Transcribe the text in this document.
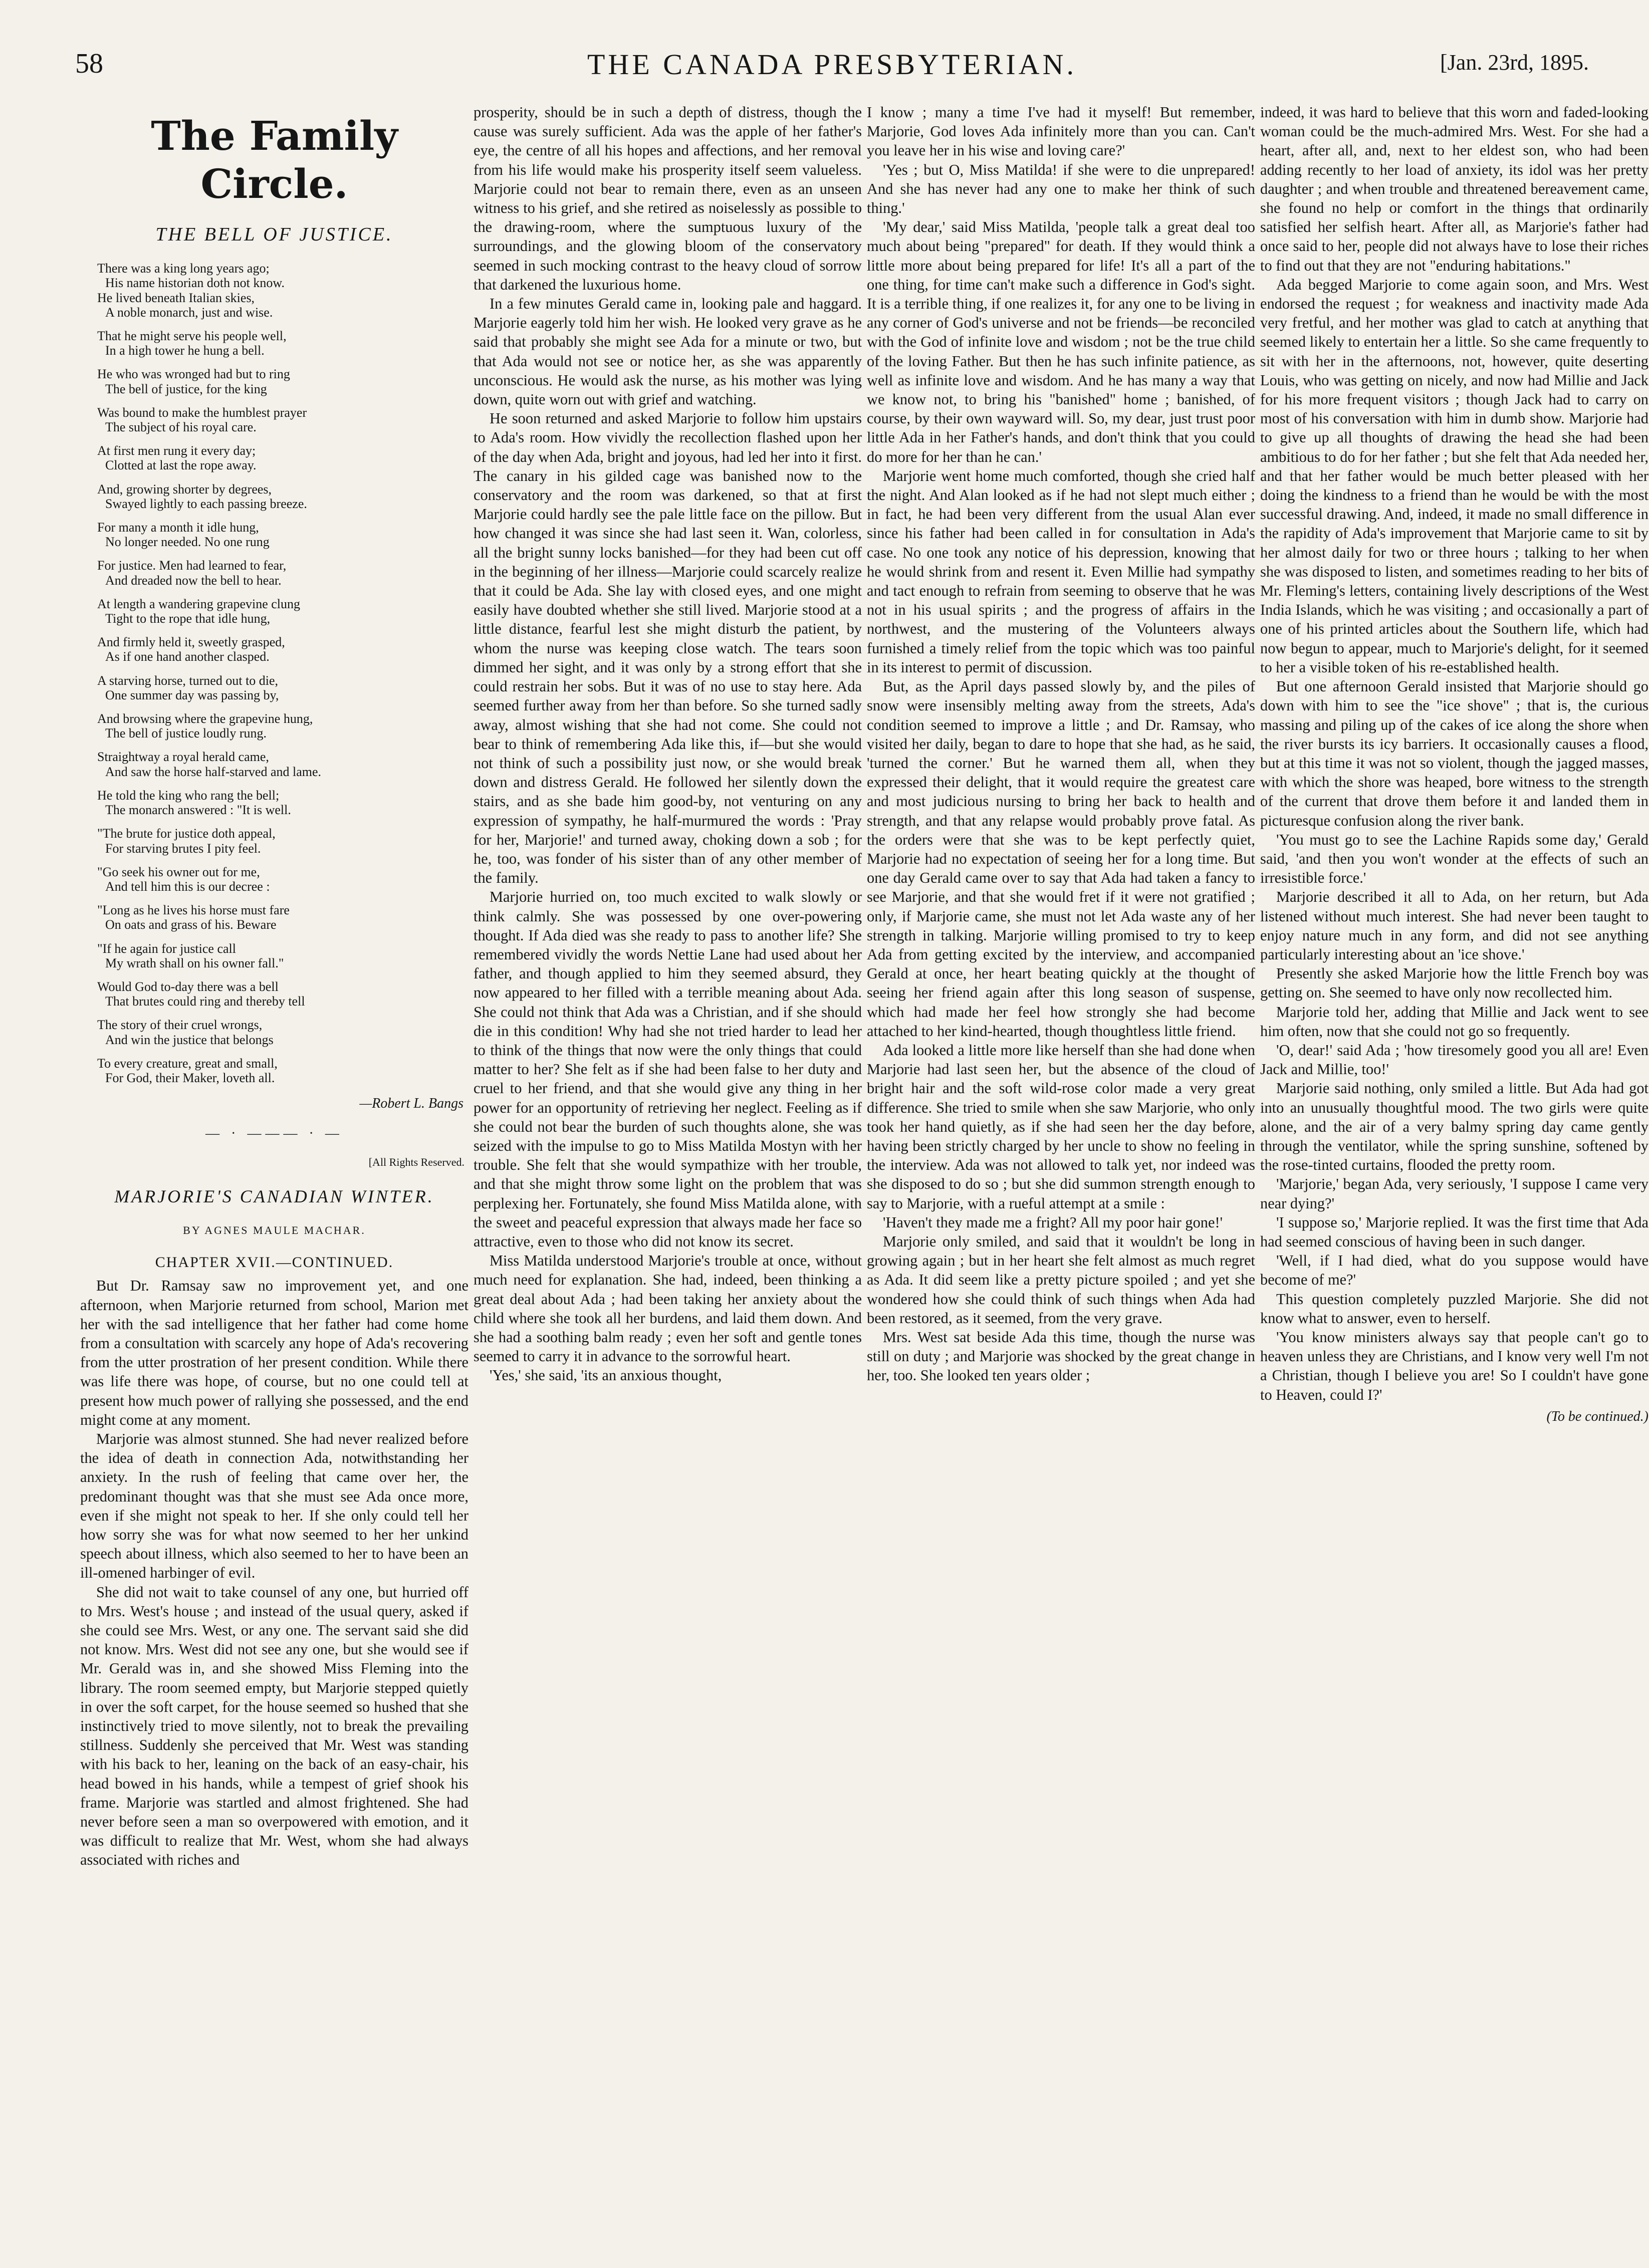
58	THE CANADA PRESBYTERIAN.	[Jan. 23rd, 1895.
The Family Circle.
THE BELL OF JUSTICE.
There was a king long years ago;
His name historian doth not know.
He lived beneath Italian skies,
A noble monarch, just and wise.
That he might serve his people well,
In a high tower he hung a bell.
He who was wronged had but to ring
The bell of justice, for the king
Was bound to make the humblest prayer
The subject of his royal care.
At first men rung it every day;
Clotted at last the rope away.
And, growing shorter by degrees,
Swayed lightly to each passing breeze.
For many a month it idle hung,
No longer needed. No one rung
For justice. Men had learned to fear,
And dreaded now the bell to hear.
At length a wandering grapevine clung
Tight to the rope that idle hung,
And firmly held it, sweetly grasped,
As if one hand another clasped.
A starving horse, turned out to die,
One summer day was passing by,
And browsing where the grapevine hung,
The bell of justice loudly rung.
Straightway a royal herald came,
And saw the horse half-starved and lame.
He told the king who rang the bell;
The monarch answered : "It is well.
"The brute for justice doth appeal,
For starving brutes I pity feel.
"Go seek his owner out for me,
And tell him this is our decree :
"Long as he lives his horse must fare
On oats and grass of his. Beware
"If he again for justice call
My wrath shall on his owner fall."
Would God to-day there was a bell
That brutes could ring and thereby tell
The story of their cruel wrongs,
And win the justice that belongs
To every creature, great and small,
For God, their Maker, loveth all.
—Robert L. Bangs
— · ——— · —
[All Rights Reserved.
MARJORIE'S CANADIAN WINTER.
BY AGNES MAULE MACHAR.
CHAPTER XVII.—CONTINUED.

But Dr. Ramsay saw no improvement yet, and one afternoon, when Marjorie returned from school, Marion met her with the sad intelligence that her father had come home from a consultation with scarcely any hope of Ada's recovering from the utter prostration of her present condition. While there was life there was hope, of course, but no one could tell at present how much power of rallying she possessed, and the end might come at any moment.

Marjorie was almost stunned. She had never realized before the idea of death in connection Ada, notwithstanding her anxiety. In the rush of feeling that came over her, the predominant thought was that she must see Ada once more, even if she might not speak to her. If she only could tell her how sorry she was for what now seemed to her her unkind speech about illness, which also seemed to her to have been an ill-omened harbinger of evil.

She did not wait to take counsel of any one, but hurried off to Mrs. West's house ; and instead of the usual query, asked if she could see Mrs. West, or any one. The servant said she did not know. Mrs. West did not see any one, but she would see if Mr. Gerald was in, and she showed Miss Fleming into the library. The room seemed empty, but Marjorie stepped quietly in over the soft carpet, for the house seemed so hushed that she instinctively tried to move silently, not to break the prevailing stillness. Suddenly she perceived that Mr. West was standing with his back to her, leaning on the back of an easy-chair, his head bowed in his hands, while a tempest of grief shook his frame. Marjorie was startled and almost frightened. She had never before seen a man so overpowered with emotion, and it was difficult to realize that Mr. West, whom she had always associated with riches and

prosperity, should be in such a depth of distress, though the cause was surely sufficient. Ada was the apple of her father's eye, the centre of all his hopes and affections, and her removal from his life would make his prosperity itself seem valueless. Marjorie could not bear to remain there, even as an unseen witness to his grief, and she retired as noiselessly as possible to the drawing-room, where the sumptuous luxury of the surroundings, and the glowing bloom of the conservatory seemed in such mocking contrast to the heavy cloud of sorrow that darkened the luxurious home.

In a few minutes Gerald came in, looking pale and haggard. Marjorie eagerly told him her wish. He looked very grave as he said that probably she might see Ada for a minute or two, but that Ada would not see or notice her, as she was apparently unconscious. He would ask the nurse, as his mother was lying down, quite worn out with grief and watching.

He soon returned and asked Marjorie to follow him upstairs to Ada's room. How vividly the recollection flashed upon her of the day when Ada, bright and joyous, had led her into it first. The canary in his gilded cage was banished now to the conservatory and the room was darkened, so that at first Marjorie could hardly see the pale little face on the pillow. But how changed it was since she had last seen it. Wan, colorless, all the bright sunny locks banished—for they had been cut off in the beginning of her illness—Marjorie could scarcely realize that it could be Ada. She lay with closed eyes, and one might easily have doubted whether she still lived. Marjorie stood at a little distance, fearful lest she might disturb the patient, by whom the nurse was keeping close watch. The tears soon dimmed her sight, and it was only by a strong effort that she could restrain her sobs. But it was of no use to stay here. Ada seemed further away from her than before. So she turned sadly away, almost wishing that she had not come. She could not bear to think of remembering Ada like this, if—but she would not think of such a possibility just now, or she would break down and distress Gerald. He followed her silently down the stairs, and as she bade him good-by, not venturing on any expression of sympathy, he half-murmured the words : 'Pray for her, Marjorie!' and turned away, choking down a sob ; for he, too, was fonder of his sister than of any other member of the family.

Marjorie hurried on, too much excited to walk slowly or think calmly. She was possessed by one over-powering thought. If Ada died was she ready to pass to another life? She remembered vividly the words Nettie Lane had used about her father, and though applied to him they seemed absurd, they now appeared to her filled with a terrible meaning about Ada. She could not think that Ada was a Christian, and if she should die in this condition! Why had she not tried harder to lead her to think of the things that now were the only things that could matter to her? She felt as if she had been false to her duty and cruel to her friend, and that she would give any thing in her power for an opportunity of retrieving her neglect. Feeling as if she could not bear the burden of such thoughts alone, she was seized with the impulse to go to Miss Matilda Mostyn with her trouble. She felt that she would sympathize with her trouble, and that she might throw some light on the problem that was perplexing her. Fortunately, she found Miss Matilda alone, with the sweet and peaceful expression that always made her face so attractive, even to those who did not know its secret.

Miss Matilda understood Marjorie's trouble at once, without much need for explanation. She had, indeed, been thinking a great deal about Ada ; had been taking her anxiety about the child where she took all her burdens, and laid them down. And she had a soothing balm ready ; even her soft and gentle tones seemed to carry it in advance to the sorrowful heart.

'Yes,' she said, 'its an anxious thought,

I know ; many a time I've had it myself! But remember, Marjorie, God loves Ada infinitely more than you can. Can't you leave her in his wise and loving care?'

'Yes ; but O, Miss Matilda! if she were to die unprepared! And she has never had any one to make her think of such thing.'

'My dear,' said Miss Matilda, 'people talk a great deal too much about being "prepared" for death. If they would think a little more about being prepared for life! It's all a part of the one thing, for time can't make such a difference in God's sight. It is a terrible thing, if one realizes it, for any one to be living in any corner of God's universe and not be friends—be reconciled with the God of infinite love and wisdom ; not be the true child of the loving Father. But then he has such infinite patience, as well as infinite love and wisdom. And he has many a way that we know not, to bring his "banished" home ; banished, of course, by their own wayward will. So, my dear, just trust poor little Ada in her Father's hands, and don't think that you could do more for her than he can.'

Marjorie went home much comforted, though she cried half the night. And Alan looked as if he had not slept much either ; in fact, he had been very different from the usual Alan ever since his father had been called in for consultation in Ada's case. No one took any notice of his depression, knowing that he would shrink from and resent it. Even Millie had sympathy and tact enough to refrain from seeming to observe that he was not in his usual spirits ; and the progress of affairs in the northwest, and the mustering of the Volunteers always furnished a timely relief from the topic which was too painful in its interest to permit of discussion.

But, as the April days passed slowly by, and the piles of snow were insensibly melting away from the streets, Ada's condition seemed to improve a little ; and Dr. Ramsay, who visited her daily, began to dare to hope that she had, as he said, 'turned the corner.' But he warned them all, when they expressed their delight, that it would require the greatest care and most judicious nursing to bring her back to health and strength, and that any relapse would probably prove fatal. As the orders were that she was to be kept perfectly quiet, Marjorie had no expectation of seeing her for a long time. But one day Gerald came over to say that Ada had taken a fancy to see Marjorie, and that she would fret if it were not gratified ; only, if Marjorie came, she must not let Ada waste any of her strength in talking. Marjorie willing promised to try to keep Ada from getting excited by the interview, and accompanied Gerald at once, her heart beating quickly at the thought of seeing her friend again after this long season of suspense, which had made her feel how strongly she had become attached to her kind-hearted, though thoughtless little friend.

Ada looked a little more like herself than she had done when Marjorie had last seen her, but the absence of the cloud of bright hair and the soft wild-rose color made a very great difference. She tried to smile when she saw Marjorie, who only took her hand quietly, as if she had seen her the day before, having been strictly charged by her uncle to show no feeling in the interview. Ada was not allowed to talk yet, nor indeed was she disposed to do so ; but she did summon strength enough to say to Marjorie, with a rueful attempt at a smile :

'Haven't they made me a fright? All my poor hair gone!'

Marjorie only smiled, and said that it wouldn't be long in growing again ; but in her heart she felt almost as much regret as Ada. It did seem like a pretty picture spoiled ; and yet she wondered how she could think of such things when Ada had been restored, as it seemed, from the very grave.

Mrs. West sat beside Ada this time, though the nurse was still on duty ; and Marjorie was shocked by the great change in her, too. She looked ten years older ;

indeed, it was hard to believe that this worn and faded-looking woman could be the much-admired Mrs. West. For she had a heart, after all, and, next to her eldest son, who had been adding recently to her load of anxiety, its idol was her pretty daughter ; and when trouble and threatened bereavement came, she found no help or comfort in the things that ordinarily satisfied her selfish heart. After all, as Marjorie's father had once said to her, people did not always have to lose their riches to find out that they are not "enduring habitations."

Ada begged Marjorie to come again soon, and Mrs. West endorsed the request ; for weakness and inactivity made Ada very fretful, and her mother was glad to catch at anything that seemed likely to entertain her a little. So she came frequently to sit with her in the afternoons, not, however, quite deserting Louis, who was getting on nicely, and now had Millie and Jack for his more frequent visitors ; though Jack had to carry on most of his conversation with him in dumb show. Marjorie had to give up all thoughts of drawing the head she had been ambitious to do for her father ; but she felt that Ada needed her, and that her father would be much better pleased with her doing the kindness to a friend than he would be with the most successful drawing. And, indeed, it made no small difference in the rapidity of Ada's improvement that Marjorie came to sit by her almost daily for two or three hours ; talking to her when she was disposed to listen, and sometimes reading to her bits of Mr. Fleming's letters, containing lively descriptions of the West India Islands, which he was visiting ; and occasionally a part of one of his printed articles about the Southern life, which had now begun to appear, much to Marjorie's delight, for it seemed to her a visible token of his re-established health.

But one afternoon Gerald insisted that Marjorie should go down with him to see the "ice shove" ; that is, the curious massing and piling up of the cakes of ice along the shore when the river bursts its icy barriers. It occasionally causes a flood, but at this time it was not so violent, though the jagged masses, with which the shore was heaped, bore witness to the strength of the current that drove them before it and landed them in picturesque confusion along the river bank.

'You must go to see the Lachine Rapids some day,' Gerald said, 'and then you won't wonder at the effects of such an irresistible force.'

Marjorie described it all to Ada, on her return, but Ada listened without much interest. She had never been taught to enjoy nature much in any form, and did not see anything particularly interesting about an 'ice shove.'

Presently she asked Marjorie how the little French boy was getting on. She seemed to have only now recollected him.

Marjorie told her, adding that Millie and Jack went to see him often, now that she could not go so frequently.

'O, dear!' said Ada ; 'how tiresomely good you all are! Even Jack and Millie, too!'

Marjorie said nothing, only smiled a little. But Ada had got into an unusually thoughtful mood. The two girls were quite alone, and the air of a very balmy spring day came gently through the ventilator, while the spring sunshine, softened by the rose-tinted curtains, flooded the pretty room.

'Marjorie,' began Ada, very seriously, 'I suppose I came very near dying?'

'I suppose so,' Marjorie replied. It was the first time that Ada had seemed conscious of having been in such danger.

'Well, if I had died, what do you suppose would have become of me?'

This question completely puzzled Marjorie. She did not know what to answer, even to herself.

'You know ministers always say that people can't go to heaven unless they are Christians, and I know very well I'm not a Christian, though I believe you are! So I couldn't have gone to Heaven, could I?'

(To be continued.)
